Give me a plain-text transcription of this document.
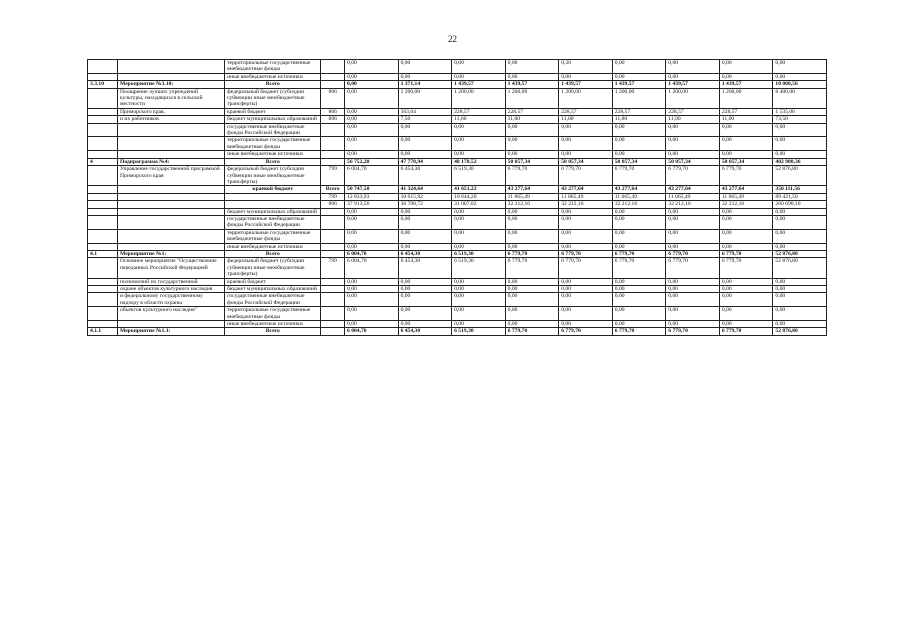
22
		территориальные государственные внебюджетные фонды		0,00	0,00	0,00	0,00	0,30	0,00	0,00	0,00	0,00
		иные внебюджетные источники		0,00	0,00	0,00	0,00	0,00	0,00	0,00	0,00	0,00
3.3.10	Мероприятие №3.10:	Всего		0,00	1 371,14	1 439,57	1 439,57	1 439,57	1 439,57	1 439,57	1 439,57	10 008,56
	Поощрение лучших учреждений культуры, находящихся в сельской местности	федеральный бюджет (субсидии субвенции иные межбюджетные трансферты)	806	0,00	1 200,00	1 200,00	1 200,00	1 200,00	1 200,00	1 200,00	1 200,00	8 400,00
	Приморского края,	краевой бюджет	806	0,00	163,64	228,57	228,57	228,57	228,57	228,57	228,57	1 535,06
	и их работников	бюджет муниципальных образований	806	0,00	7,50	11,00	11,00	11,00	11,00	11,00	11,00	73,50
		государственные внебюджетные фонды Российской Федерации		0,00	0,00	0,00	0,00	0,00	0,00	0,00	0,00	0,00
		территориальные государственные внебюджетные фонды		0,00	0,00	0,00	0,00	0,00	0,00	0,00	0,00	0,00
		иные внебюджетные источники		0,00	0,00	0,00	0,00	0,00	0,00	0,00	0,00	0,00
4	Подпрограмма №4:	Всего		56 752,20	47 778,94	48 170,52	50 057,34	50 057,34	50 057,34	50 057,34	50 057,34	402 988,36
	Управление государственной программой Приморского края	федеральный бюджет (субсидии субвенции иные межбюджетные трансферты)	799	6 004,70	6 454,30	6 519,30	6 779,70	6 779,70	6 779,70	6 779,70	6 779,70	52 876,80
		краевой бюджет	Всего	50 747,50	41 324,64	41 651,22	43 277,64	43 277,64	43 277,64	43 277,64	43 277,64	350 111,56
			799	12 833,93	10 615,92	10 644,20	11 065,49	11 065,49	11 065,49	11 065,49	11 065,49	89 421,50
			806	37 913,56	30 708,72	31 007,02	32 212,16	32 212,16	32 212,16	32 212,16	32 212,16	260 690,10
		бюджет муниципальных образований		0,00	0,00	0,00	0,00	0,00	0,00	0,00	0,00	0,00
		государственные внебюджетные фонды Российской Федерации		0,00	0,00	0,00	0,00	0,00	0,00	0,00	0,00	0,00
		территориальные государственные внебюджетные фонды		0,00	0,00	0,00	0,00	0,00	0,00	0,00	0,00	0,00
		иные внебюджетные источники		0,00	0,00	0,00	0,00	0,00	0,00	0,00	0,00	0,00
4.1	Мероприятие №1:	Всего		6 004,70	6 454,30	6 519,30	6 779,70	6 779,70	6 779,70	6 779,70	6 779,70	52 876,80
	Основное мероприятие "Осуществление переданных Российской Федерацией	федеральный бюджет (субсидии субвенции иные межбюджетные трансферты)	799	6 004,70	6 454,30	6 519,30	6 779,70	6 779,70	6 779,70	6 779,70	6 779,70	52 876,80
	полномочий по государственной	краевой бюджет		0,00	0,00	0,00	0,00	0,00	0,00	0,00	0,00	0,00
	охране объектов культурного наследия	бюджет муниципальных образований		0,00	0,00	0,00	0,00	0,00	0,00	0,00	0,00	0,00
	и федеральному государственному надзору в области охраны	государственные внебюджетные фонды Российской Федерации		0,00	0,00	0,00	0,00	0,00	0,00	0,00	0,00	0,00
	объектов культурного наследия"	территориальные государственные внебюджетные фонды		0,00	0,00	0,00	0,00	0,00	0,00	0,00	0,00	0,00
		иные внебюджетные источники		0,00	0,00	0,00	0,00	0,00	0,00	0,00	0,00	0,00
4.1.1	Мероприятие №1.1:	Всего		6 004,70	6 454,30	6 519,30	6 779,70	6 779,70	6 779,70	6 779,70	6 779,70	52 876,80
